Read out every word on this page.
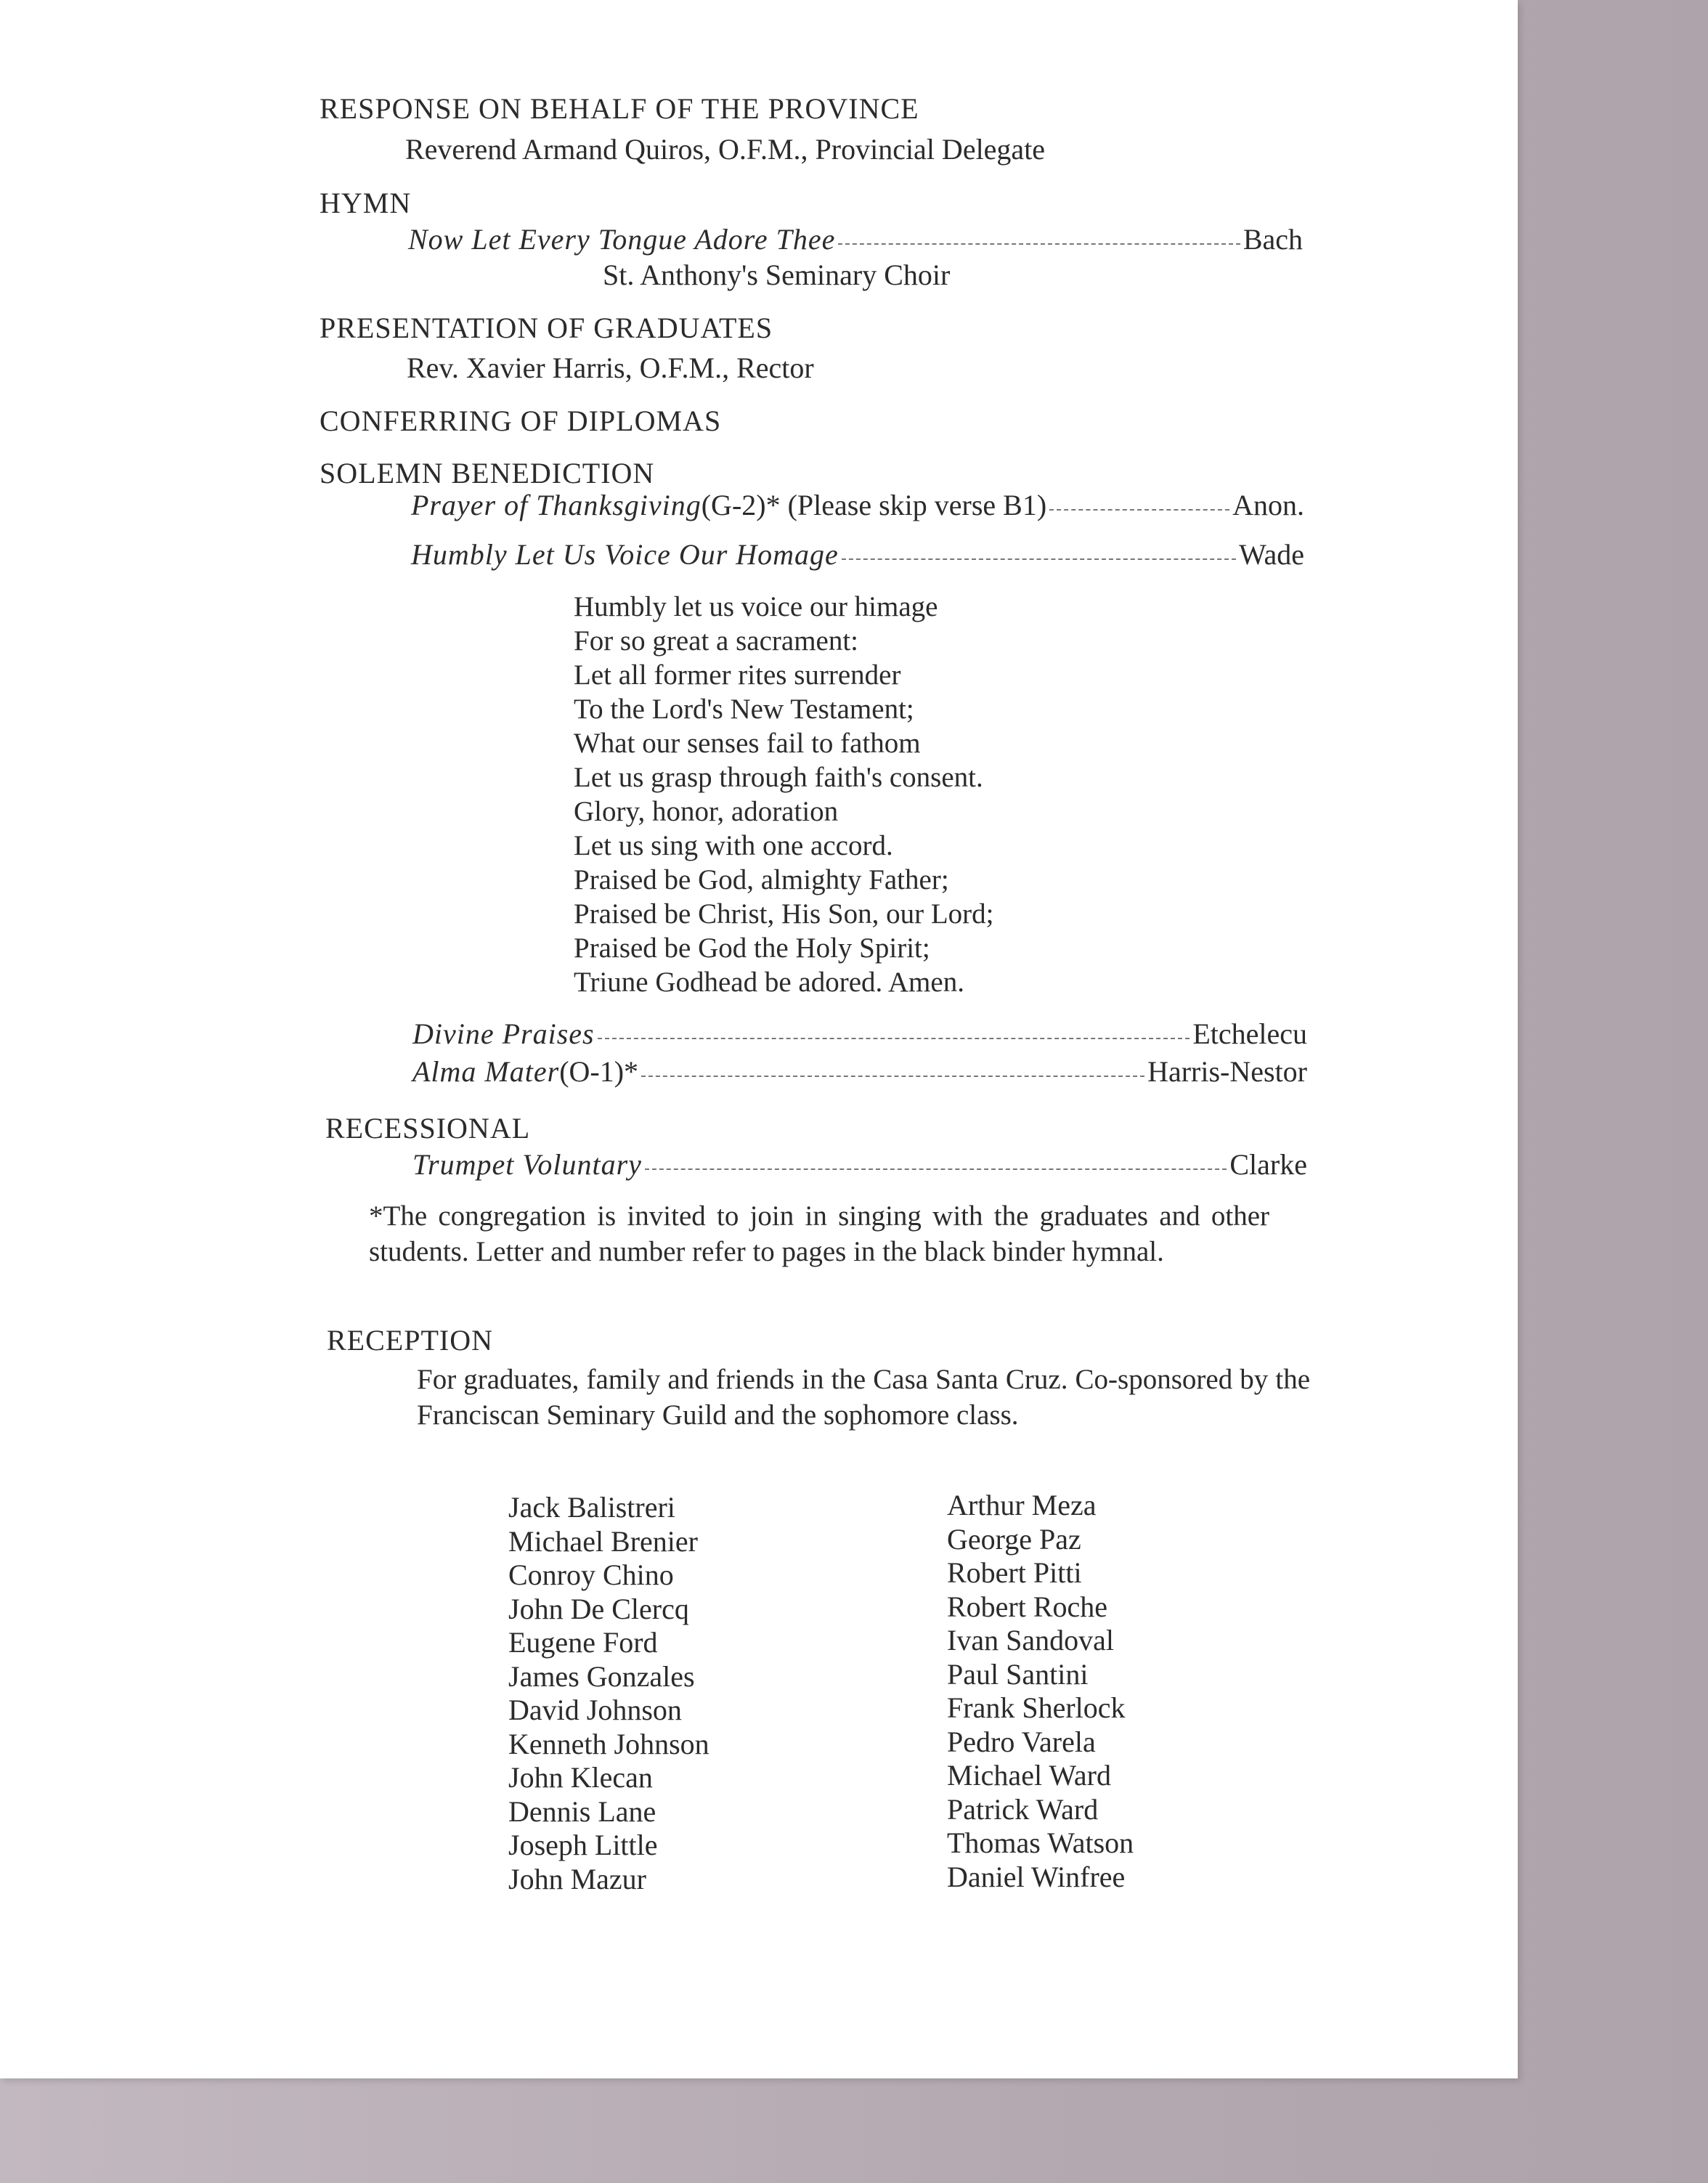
RESPONSE ON BEHALF OF THE PROVINCE
Reverend Armand Quiros, O.F.M., Provincial Delegate
HYMN
Now Let Every Tongue Adore Thee	Bach
St. Anthony's Seminary Choir
PRESENTATION OF GRADUATES
Rev. Xavier Harris, O.F.M., Rector
CONFERRING OF DIPLOMAS
SOLEMN BENEDICTION
Prayer of Thanksgiving (G-2)* (Please skip verse B1)	Anon.
Humbly Let Us Voice Our Homage	Wade
Humbly let us voice our himage
For so great a sacrament:
Let all former rites surrender
To the Lord's New Testament;
What our senses fail to fathom
Let us grasp through faith's consent.
Glory, honor, adoration
Let us sing with one accord.
Praised be God, almighty Father;
Praised be Christ, His Son, our Lord;
Praised be God the Holy Spirit;
Triune Godhead be adored. Amen.
Divine Praises	Etchelecu
Alma Mater (O-1)*	Harris-Nestor
RECESSIONAL
Trumpet Voluntary	Clarke
*The congregation is invited to join in singing with the graduates and other students. Letter and number refer to pages in the black binder hymnal.
RECEPTION
For graduates, family and friends in the Casa Santa Cruz. Co-sponsored by the Franciscan Seminary Guild and the sophomore class.
Jack Balistreri
Michael Brenier
Conroy Chino
John De Clercq
Eugene Ford
James Gonzales
David Johnson
Kenneth Johnson
John Klecan
Dennis Lane
Joseph Little
John Mazur
Arthur Meza
George Paz
Robert Pitti
Robert Roche
Ivan Sandoval
Paul Santini
Frank Sherlock
Pedro Varela
Michael Ward
Patrick Ward
Thomas Watson
Daniel Winfree
